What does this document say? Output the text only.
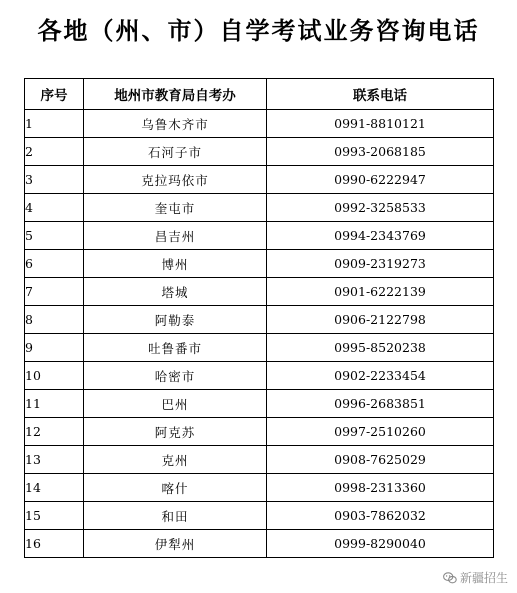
各地（州、市）自学考试业务咨询电话
序号	地州市教育局自考办	联系电话
1	乌鲁木齐市	0991-8810121
2	石河子市	0993-2068185
3	克拉玛依市	0990-6222947
4	奎屯市	0992-3258533
5	昌吉州	0994-2343769
6	博州	0909-2319273
7	塔城	0901-6222139
8	阿勒泰	0906-2122798
9	吐鲁番市	0995-8520238
10	哈密市	0902-2233454
11	巴州	0996-2683851
12	阿克苏	0997-2510260
13	克州	0908-7625029
14	喀什	0998-2313360
15	和田	0903-7862032
16	伊犁州	0999-8290040
新疆招生
